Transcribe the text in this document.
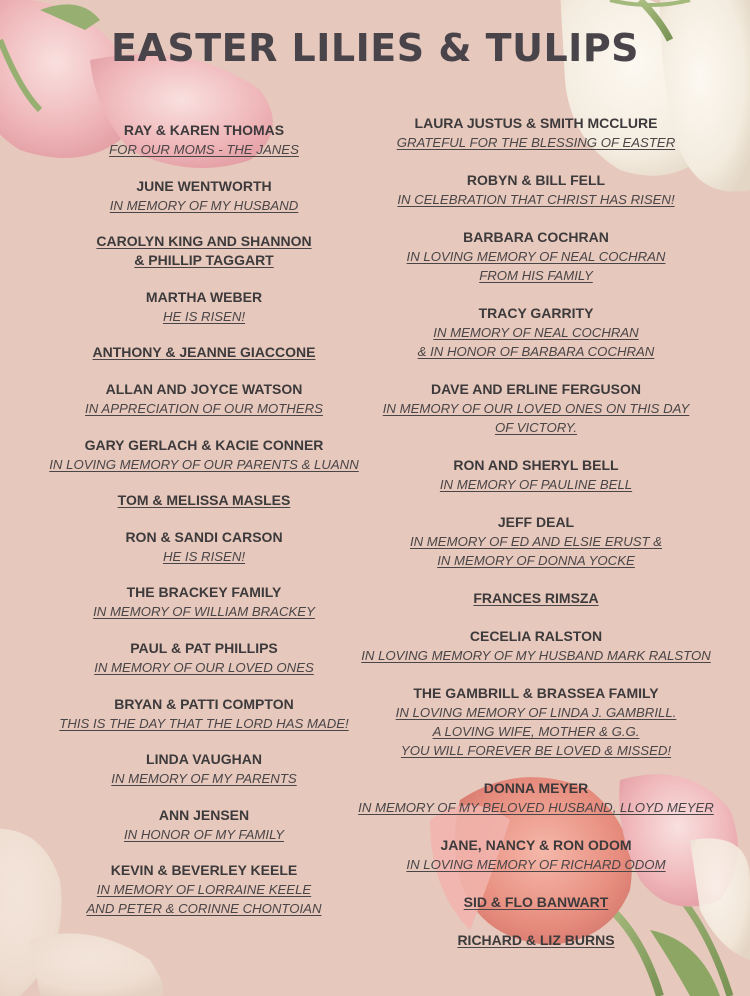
EASTER LILIES & TULIPS
RAY & KAREN THOMAS
FOR OUR MOMS - THE JANES
JUNE WENTWORTH
IN MEMORY OF MY HUSBAND
CAROLYN KING AND SHANNON
& PHILLIP TAGGART
MARTHA WEBER
HE IS RISEN!
ANTHONY & JEANNE GIACCONE
ALLAN AND JOYCE WATSON
IN APPRECIATION OF OUR MOTHERS
GARY GERLACH & KACIE CONNER
IN LOVING MEMORY OF OUR PARENTS & LUANN
TOM & MELISSA MASLES
RON & SANDI CARSON
HE IS RISEN!
THE BRACKEY FAMILY
IN MEMORY OF WILLIAM BRACKEY
PAUL & PAT PHILLIPS
IN MEMORY OF OUR LOVED ONES
BRYAN & PATTI COMPTON
THIS IS THE DAY THAT THE LORD HAS MADE!
LINDA VAUGHAN
IN MEMORY OF MY PARENTS
ANN JENSEN
IN HONOR OF MY FAMILY
KEVIN & BEVERLEY KEELE
IN MEMORY OF LORRAINE KEELE
AND PETER & CORINNE CHONTOIAN
LAURA JUSTUS & SMITH MCCLURE
GRATEFUL FOR THE BLESSING OF EASTER
ROBYN & BILL FELL
IN CELEBRATION THAT CHRIST HAS RISEN!
BARBARA COCHRAN
IN LOVING MEMORY OF NEAL COCHRAN
FROM HIS FAMILY
TRACY GARRITY
IN MEMORY OF NEAL COCHRAN
& IN HONOR OF BARBARA COCHRAN
DAVE AND ERLINE FERGUSON
IN MEMORY OF OUR LOVED ONES ON THIS DAY
OF VICTORY.
RON AND SHERYL BELL
IN MEMORY OF PAULINE BELL
JEFF DEAL
IN MEMORY OF ED AND ELSIE ERUST &
IN MEMORY OF DONNA YOCKE
FRANCES RIMSZA
CECELIA RALSTON
IN LOVING MEMORY OF MY HUSBAND MARK RALSTON
THE GAMBRILL & BRASSEA FAMILY
IN LOVING MEMORY OF LINDA J. GAMBRILL.
A LOVING WIFE, MOTHER & G.G.
YOU WILL FOREVER BE LOVED & MISSED!
DONNA MEYER
IN MEMORY OF MY BELOVED HUSBAND, LLOYD MEYER
JANE, NANCY & RON ODOM
IN LOVING MEMORY OF RICHARD ODOM
SID & FLO BANWART
RICHARD & LIZ BURNS
